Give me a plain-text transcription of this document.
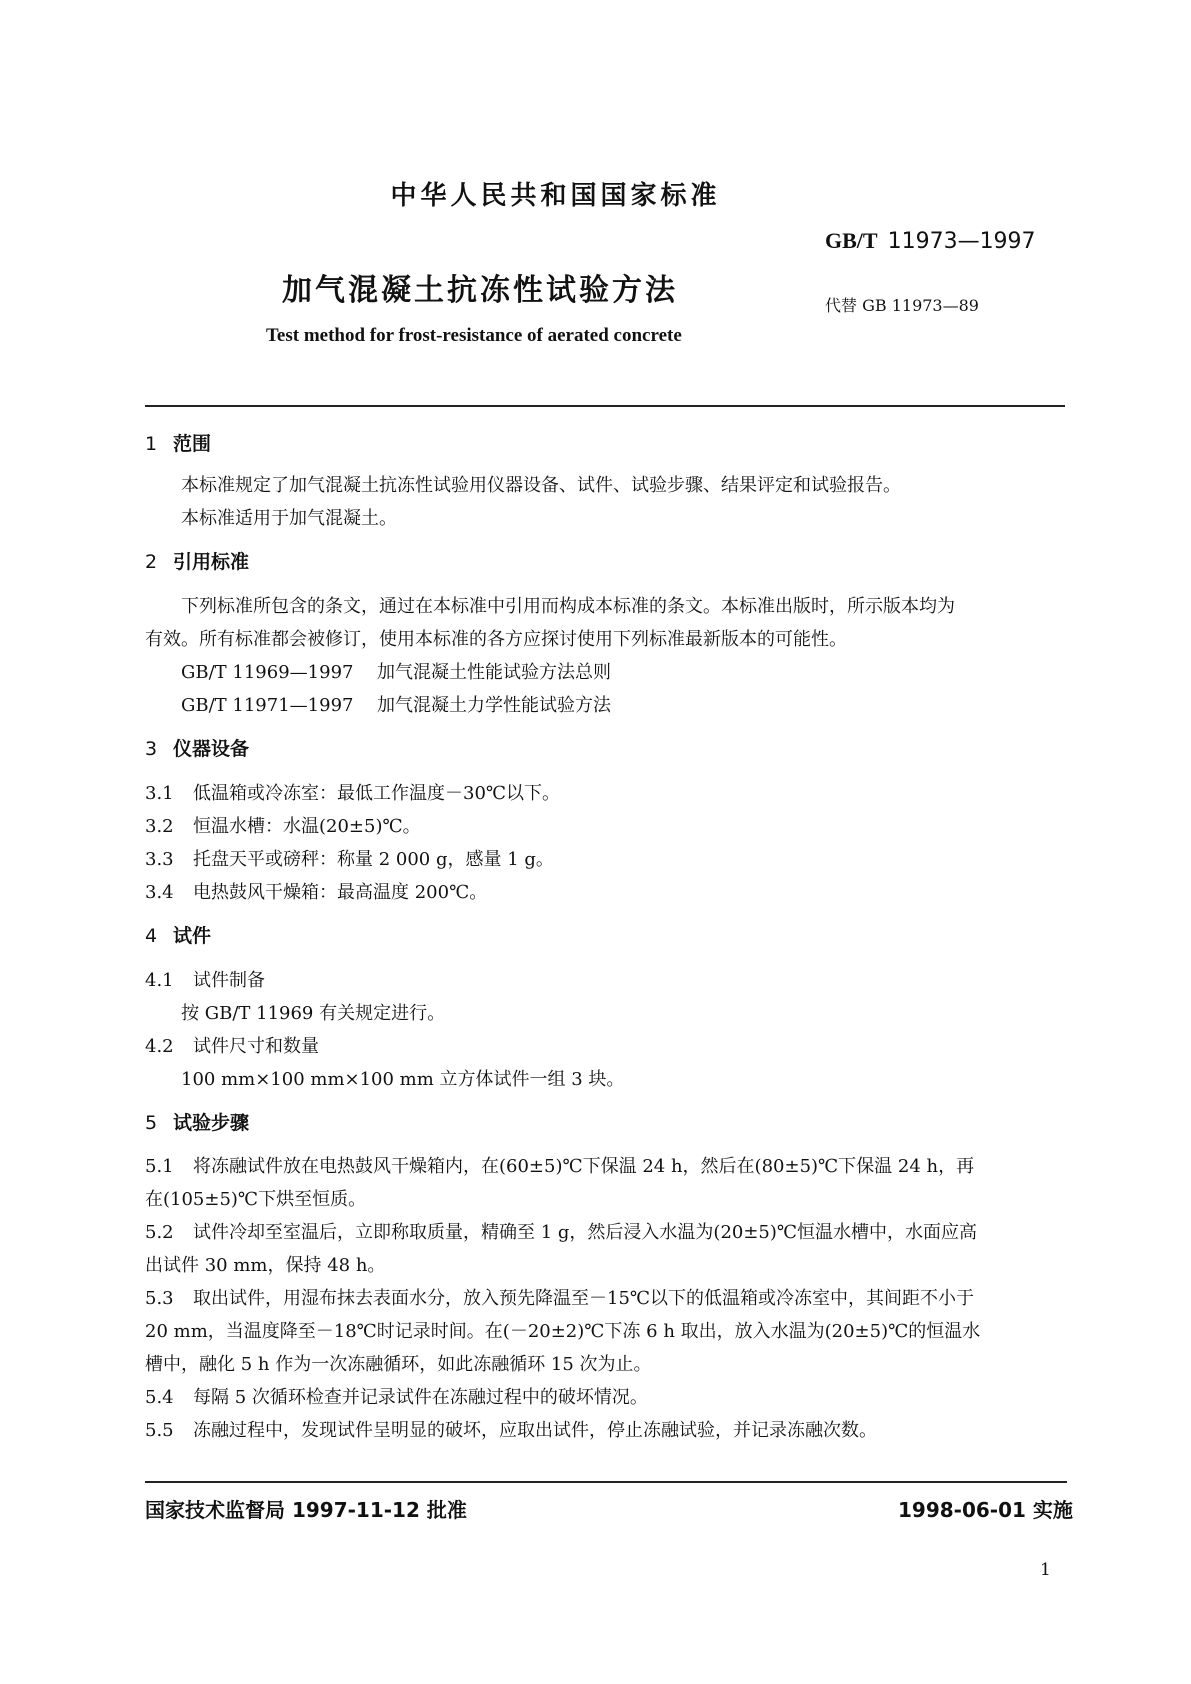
中华人民共和国国家标准
GB/T 11973—1997
加气混凝土抗冻性试验方法	代替 GB 11973—89
Test method for frost-resistance of aerated concrete
1 范围
本标准规定了加气混凝土抗冻性试验用仪器设备、试件、试验步骤、结果评定和试验报告。
本标准适用于加气混凝土。
2 引用标准
下列标准所包含的条文，通过在本标准中引用而构成本标准的条文。本标准出版时，所示版本均为
有效。所有标准都会被修订，使用本标准的各方应探讨使用下列标准最新版本的可能性。
GB/T 11969—1997 加气混凝土性能试验方法总则
GB/T 11971—1997 加气混凝土力学性能试验方法
3 仪器设备
3.1 低温箱或冷冻室：最低工作温度－30℃以下。
3.2 恒温水槽：水温(20±5)℃。
3.3 托盘天平或磅秤：称量 2 000 g，感量 1 g。
3.4 电热鼓风干燥箱：最高温度 200℃。
4 试件
4.1 试件制备
按 GB/T 11969 有关规定进行。
4.2 试件尺寸和数量
100 mm×100 mm×100 mm 立方体试件一组 3 块。
5 试验步骤
5.1 将冻融试件放在电热鼓风干燥箱内，在(60±5)℃下保温 24 h，然后在(80±5)℃下保温 24 h，再
在(105±5)℃下烘至恒质。
5.2 试件冷却至室温后，立即称取质量，精确至 1 g，然后浸入水温为(20±5)℃恒温水槽中，水面应高
出试件 30 mm，保持 48 h。
5.3 取出试件，用湿布抹去表面水分，放入预先降温至－15℃以下的低温箱或冷冻室中，其间距不小于
20 mm，当温度降至－18℃时记录时间。在(－20±2)℃下冻 6 h 取出，放入水温为(20±5)℃的恒温水
槽中，融化 5 h 作为一次冻融循环，如此冻融循环 15 次为止。
5.4 每隔 5 次循环检查并记录试件在冻融过程中的破坏情况。
5.5 冻融过程中，发现试件呈明显的破坏，应取出试件，停止冻融试验，并记录冻融次数。
国家技术监督局 1997-11-12 批准	1998-06-01 实施
1
